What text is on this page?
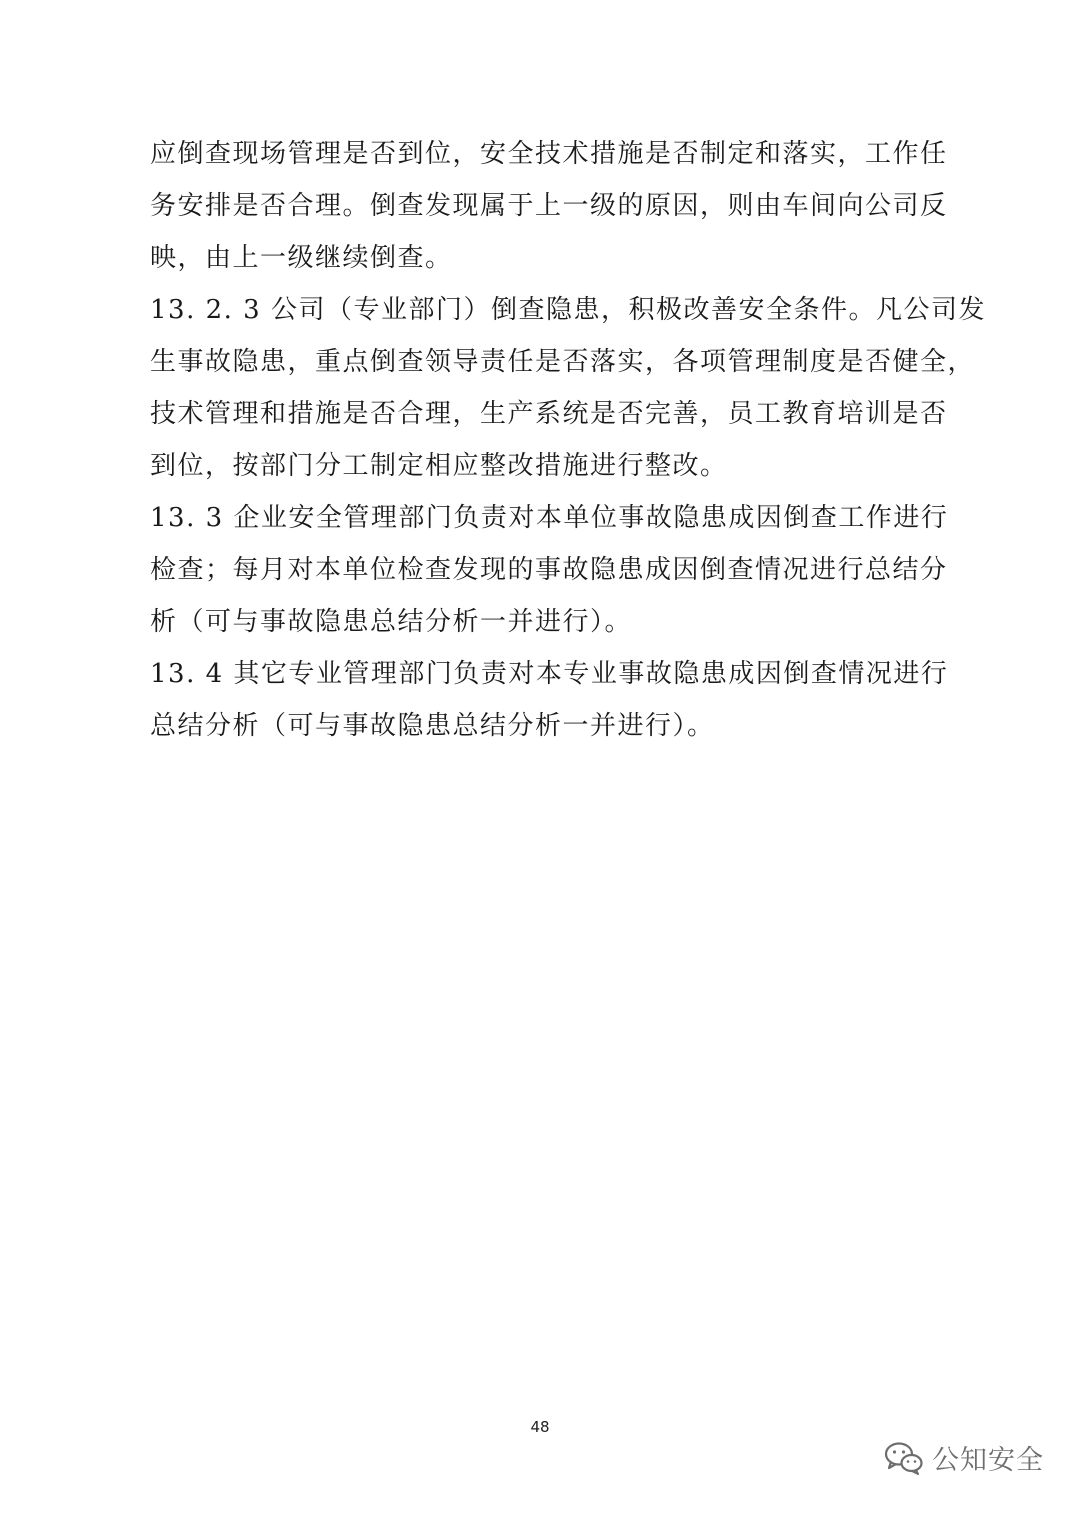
应倒查现场管理是否到位，安全技术措施是否制定和落实，工作任
务安排是否合理。倒查发现属于上一级的原因，则由车间向公司反
映，由上一级继续倒查。
13. 2. 3 公司（专业部门）倒查隐患，积极改善安全条件。凡公司发
生事故隐患，重点倒查领导责任是否落实，各项管理制度是否健全，
技术管理和措施是否合理，生产系统是否完善，员工教育培训是否
到位，按部门分工制定相应整改措施进行整改。
13. 3 企业安全管理部门负责对本单位事故隐患成因倒查工作进行
检查；每月对本单位检查发现的事故隐患成因倒查情况进行总结分
析（可与事故隐患总结分析一并进行）。
13. 4 其它专业管理部门负责对本专业事故隐患成因倒查情况进行
总结分析（可与事故隐患总结分析一并进行）。
48
公知安全
